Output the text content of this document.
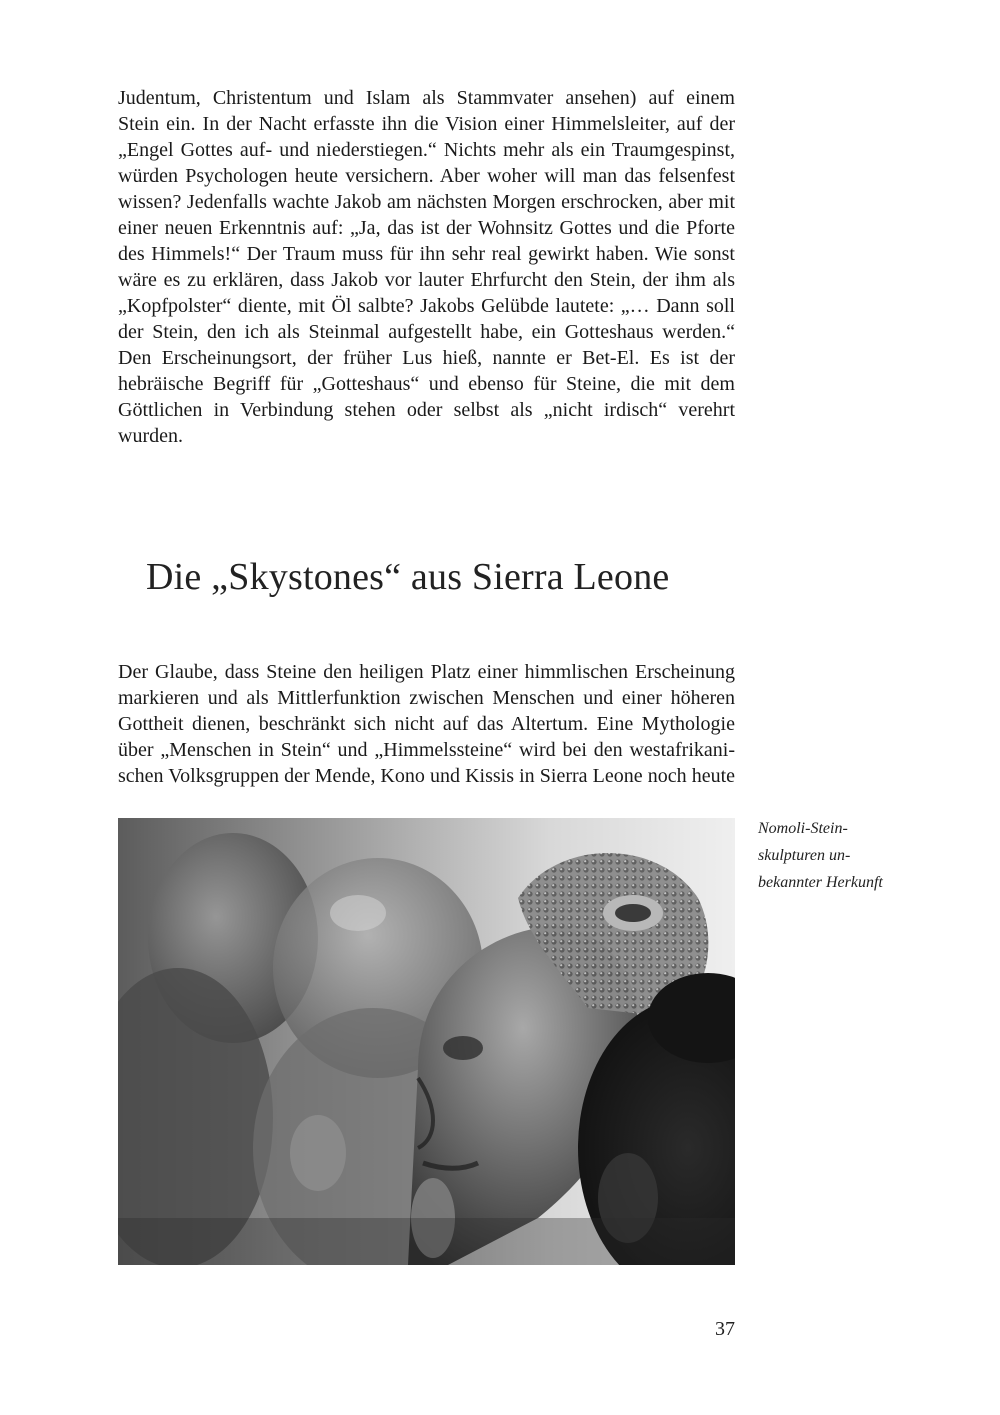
Judentum, Christentum und Islam als Stammvater ansehen) auf einem
Stein ein. In der Nacht erfasste ihn die Vision einer Himmelsleiter, auf der
„Engel Gottes auf- und niederstiegen.“ Nichts mehr als ein Traumgespinst,
würden Psychologen heute versichern. Aber woher will man das felsenfest
wissen? Jedenfalls wachte Jakob am nächsten Morgen erschrocken, aber mit
einer neuen Erkenntnis auf: „Ja, das ist der Wohnsitz Gottes und die Pforte
des Himmels!“ Der Traum muss für ihn sehr real gewirkt haben. Wie sonst
wäre es zu erklären, dass Jakob vor lauter Ehrfurcht den Stein, der ihm als
„Kopfpolster“ diente, mit Öl salbte? Jakobs Gelübde lautete: „… Dann soll
der Stein, den ich als Steinmal aufgestellt habe, ein Gotteshaus werden.“
Den Erscheinungsort, der früher Lus hieß, nannte er Bet-El. Es ist der
hebräische Begriff für „Gotteshaus“ und ebenso für Steine, die mit dem
Göttlichen in Verbindung stehen oder selbst als „nicht irdisch“ verehrt
wurden.
Die „Skystones“ aus Sierra Leone
Der Glaube, dass Steine den heiligen Platz einer himmlischen Erscheinung
markieren und als Mittlerfunktion zwischen Menschen und einer höheren
Gottheit dienen, beschränkt sich nicht auf das Altertum. Eine Mythologie
über „Menschen in Stein“ und „Himmelssteine“ wird bei den westafrikani-
schen Volksgruppen der Mende, Kono und Kissis in Sierra Leone noch heute
Nomoli-Stein-
skulpturen un-
bekannter Herkunft
37
